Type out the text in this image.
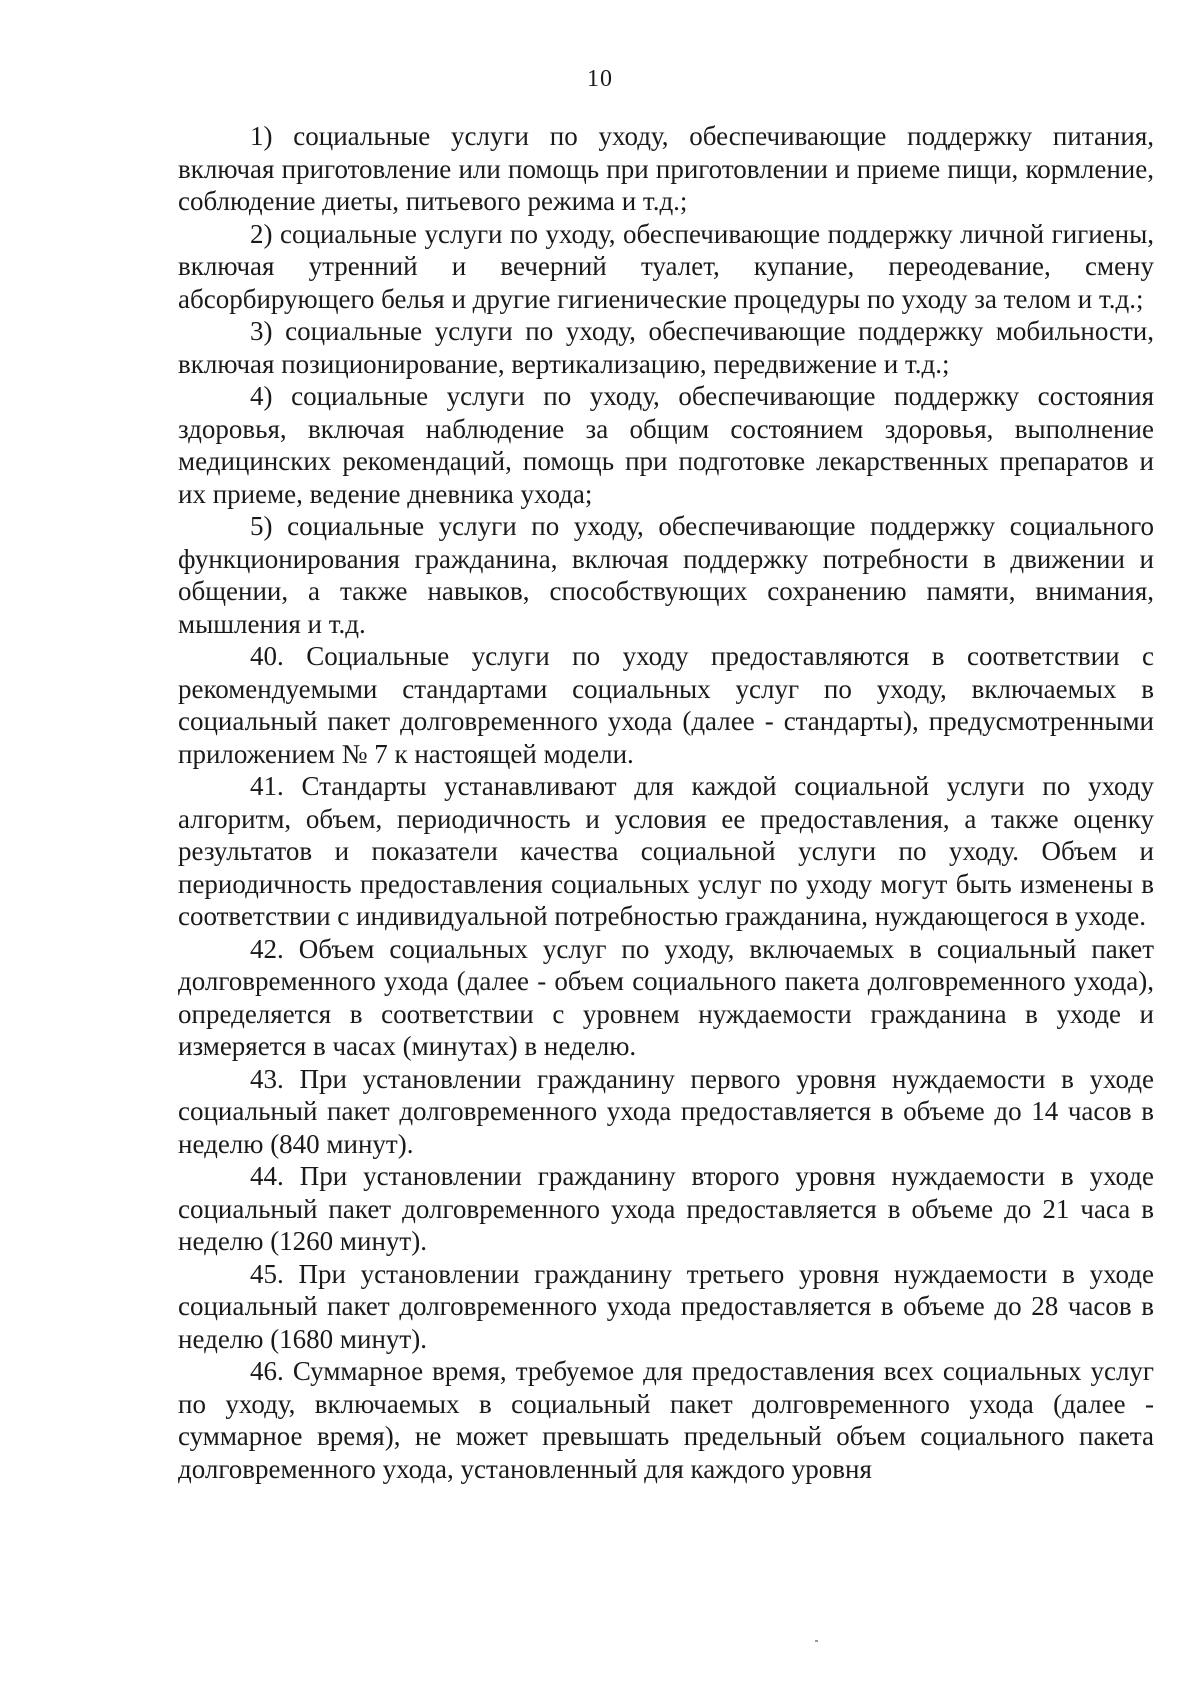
10

1) социальные услуги по уходу, обеспечивающие поддержку питания, включая приготовление или помощь при приготовлении и приеме пищи, кормление, соблюдение диеты, питьевого режима и т.д.;

2) социальные услуги по уходу, обеспечивающие поддержку личной гигиены, включая утренний и вечерний туалет, купание, переодевание, смену абсорбирующего белья и другие гигиенические процедуры по уходу за телом и т.д.;

3) социальные услуги по уходу, обеспечивающие поддержку мобильности, включая позиционирование, вертикализацию, передвижение и т.д.;

4) социальные услуги по уходу, обеспечивающие поддержку состояния здоровья, включая наблюдение за общим состоянием здоровья, выполнение медицинских рекомендаций, помощь при подготовке лекарственных препаратов и их приеме, ведение дневника ухода;

5) социальные услуги по уходу, обеспечивающие поддержку социального функционирования гражданина, включая поддержку потребности в движении и общении, а также навыков, способствующих сохранению памяти, внимания, мышления и т.д.

40. Социальные услуги по уходу предоставляются в соответствии с рекомендуемыми стандартами социальных услуг по уходу, включаемых в социальный пакет долговременного ухода (далее - стандарты), предусмотренными приложением № 7 к настоящей модели.

41. Стандарты устанавливают для каждой социальной услуги по уходу алгоритм, объем, периодичность и условия ее предоставления, а также оценку результатов и показатели качества социальной услуги по уходу. Объем и периодичность предоставления социальных услуг по уходу могут быть изменены в соответствии с индивидуальной потребностью гражданина, нуждающегося в уходе.

42. Объем социальных услуг по уходу, включаемых в социальный пакет долговременного ухода (далее - объем социального пакета долговременного ухода), определяется в соответствии с уровнем нуждаемости гражданина в уходе и измеряется в часах (минутах) в неделю.

43. При установлении гражданину первого уровня нуждаемости в уходе социальный пакет долговременного ухода предоставляется в объеме до 14 часов в неделю (840 минут).

44. При установлении гражданину второго уровня нуждаемости в уходе социальный пакет долговременного ухода предоставляется в объеме до 21 часа в неделю (1260 минут).

45. При установлении гражданину третьего уровня нуждаемости в уходе социальный пакет долговременного ухода предоставляется в объеме до 28 часов в неделю (1680 минут).

46. Суммарное время, требуемое для предоставления всех социальных услуг по уходу, включаемых в социальный пакет долговременного ухода (далее - суммарное время), не может превышать предельный объем социального пакета долговременного ухода, установленный для каждого уровня
